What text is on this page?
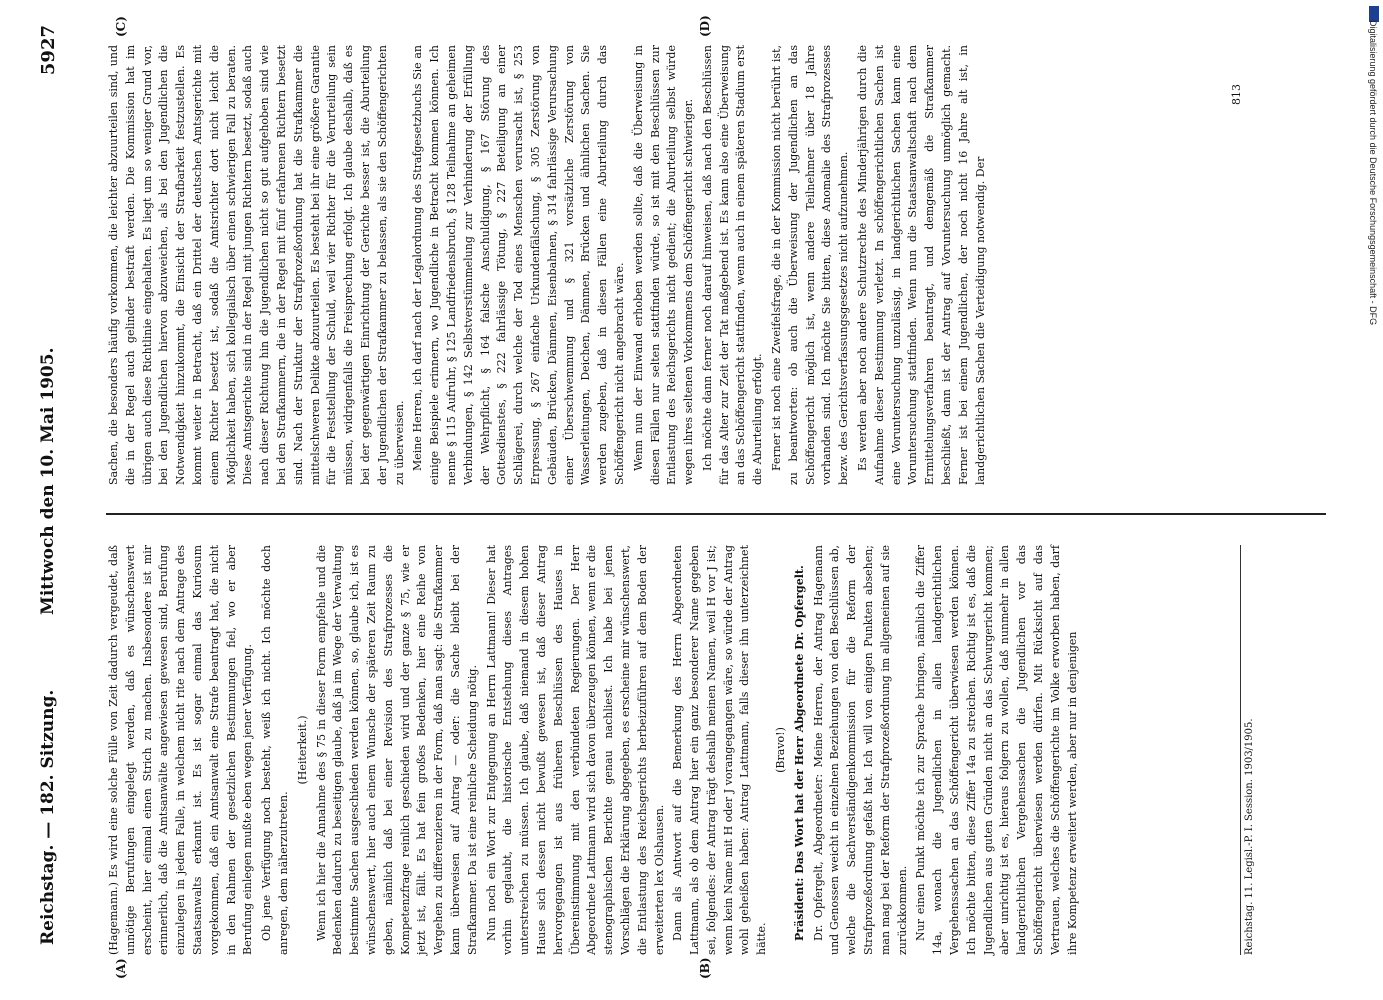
Reichstag. — 182. Sitzung.
Mittwoch den 10. Mai 1905.
5927
(A)	(B)
(C)	(D)

(Hagemann.) Es wird eine solche Fülle von Zeit dadurch vergeudet, daß unnötige Berufungen eingelegt werden, daß es wünschenswert erscheint, hier einmal einen Strich zu machen. Insbesondere ist mir erinnerlich, daß die Amtsanwälte angewiesen gewesen sind, Berufung einzulegen in jedem Falle, in welchem nicht rite nach dem Antrage des Staatsanwalts erkannt ist. Es ist sogar einmal das Kuriosum vorgekommen, daß ein Amtsanwalt eine Strafe beantragt hat, die nicht in den Rahmen der gesetzlichen Bestimmungen fiel, wo er aber Berufung einlegen mußte eben wegen jener Verfügung. Ob jene Verfügung noch besteht, weiß ich nicht. Ich möchte doch anregen, dem näherzutreten.

(Heiterkeit.) Wenn ich hier die Annahme des § 75 in dieser Form empfehle und die Bedenken dadurch zu beseitigen glaube, daß ja im Wege der Verwaltung bestimmte Sachen ausgeschieden werden können, so, glaube ich, ist es wünschenswert, hier auch einem Wunsche der späteren Zeit Raum zu geben, nämlich daß bei einer Revision des Strafprozesses die Kompetenzfrage reinlich geschieden wird und der ganze § 75, wie er jetzt ist, fällt. Es hat fein großes Bedenken, hier eine Reihe von Vergehen zu differenzieren in der Form, daß man sagt: die Strafkammer kann überweisen auf Antrag — oder: die Sache bleibt bei der Strafkammer. Da ist eine reinliche Scheidung nötig. Nun noch ein Wort zur Entgegnung an Herrn Lattmann! Dieser hat vorhin geglaubt, die historische Entstehung dieses Antrages unterstreichen zu müssen. Ich glaube, daß niemand in diesem hohen Hause sich dessen nicht bewußt gewesen ist, daß dieser Antrag hervorgegangen ist aus früheren Beschlüssen des Hauses in Übereinstimmung mit den verbündeten Regierungen. Der Herr Abgeordnete Lattmann wird sich davon überzeugen können, wenn er die stenographischen Berichte genau nachliest. Ich habe bei jenen Vorschlägen die Erklärung abgegeben, es erscheine mir wünschenswert, die Entlastung des Reichsgerichts herbeizuführen auf dem Boden der erweiterten lex Olshausen. Dann als Antwort auf die Bemerkung des Herrn Abgeordneten Lattmann, als ob dem Antrag hier ein ganz besonderer Name gegeben sei, folgendes: der Antrag trägt deshalb meinen Namen, weil H vor J ist; wenn kein Name mit H oder J vorangegangen wäre, so würde der Antrag wohl geheißen haben: Antrag Lattmann, falls dieser ihn unterzeichnet hätte.

(Bravo!) Präsident: Das Wort hat der Herr Abgeordnete Dr. Opfergelt. Dr. Opfergelt, Abgeordneter: Meine Herren, der Antrag Hagemann und Genossen weicht in einzelnen Beziehungen von den Beschlüssen ab, welche die Sachverständigenkommission für die Reform der Strafprozeßordnung gefaßt hat. Ich will von einigen Punkten absehen; man mag bei der Reform der Strafprozeßordnung im allgemeinen auf sie zurückkommen. Nur einen Punkt möchte ich zur Sprache bringen, nämlich die Ziffer 14a, wonach die Jugendlichen in allen landgerichtlichen Vergehenssachen an das Schöffengericht überwiesen werden können. Ich möchte bitten, diese Ziffer 14a zu streichen. Richtig ist es, daß die Jugendlichen aus guten Gründen nicht an das Schwurgericht kommen; aber unrichtig ist es, hieraus folgern zu wollen, daß nunmehr in allen landgerichtlichen Vergehenssachen die Jugendlichen vor das Schöffengericht überwiesen werden dürfen. Mit Rücksicht auf das Vertrauen, welches die Schöffengerichte im Volke erworben haben, darf ihre Kompetenz erweitert werden, aber nur in denjenigen

Sachen, die besonders häufig vorkommen, die leichter abzuurteilen sind, und die in der Regel auch gelinder bestraft werden. Die Kommission hat im übrigen auch diese Richtlinie eingehalten. Es liegt um so weniger Grund vor, bei den Jugendlichen hiervon abzuweichen, als bei den Jugendlichen die Notwendigkeit hinzukommt, die Einsicht der Strafbarkeit festzustellen. Es kommt weiter in Betracht, daß ein Drittel der deutschen Amtsgerichte mit einem Richter besetzt ist, sodaß die Amtsrichter dort nicht leicht die Möglichkeit haben, sich kollegialisch über einen schwierigen Fall zu beraten. Diese Amtsgerichte sind in der Regel mit jungen Richtern besetzt, sodaß auch nach dieser Richtung hin die Jugendlichen nicht so gut aufgehoben sind wie bei den Strafkammern, die in der Regel mit fünf erfahrenen Richtern besetzt sind. Nach der Struktur der Strafprozeßordnung hat die Strafkammer die mittelschweren Delikte abzuurteilen. Es besteht bei ihr eine größere Garantie für die Feststellung der Schuld, weil vier Richter für die Verurteilung sein müssen, widrigenfalls die Freisprechung erfolgt. Ich glaube deshalb, daß es bei der gegenwärtigen Einrichtung der Gerichte besser ist, die Aburteilung der Jugendlichen der Strafkammer zu belassen, als sie den Schöffengerichten zu überweisen. Meine Herren, ich darf nach der Legalordnung des Strafgesetzbuchs Sie an einige Beispiele erinnern, wo Jugendliche in Betracht kommen können. Ich nenne § 115 Aufruhr, § 125 Landfriedensbruch, § 128 Teilnahme an geheimen Verbindungen, § 142 Selbstverstümmelung zur Verhinderung der Erfüllung der Wehrpflicht, § 164 falsche Anschuldigung, § 167 Störung des Gottesdienstes, § 222 fahrlässige Tötung, § 227 Beteiligung an einer Schlägerei, durch welche der Tod eines Menschen verursacht ist, § 253 Erpressung, § 267 einfache Urkundenfälschung, § 305 Zerstörung von Gebäuden, Brücken, Dämmen, Eisenbahnen, § 314 fahrlässige Verursachung einer Überschwemmung und § 321 vorsätzliche Zerstörung von Wasserleitungen, Deichen, Dämmen, Brücken und ähnlichen Sachen. Sie werden zugeben, daß in diesen Fällen eine Aburteilung durch das Schöffengericht nicht angebracht wäre. Wenn nun der Einwand erhoben werden sollte, daß die Überweisung in diesen Fällen nur selten stattfinden würde, so ist mit den Beschlüssen zur Entlastung des Reichsgerichts nicht gedient; die Aburteilung selbst würde wegen ihres seltenen Vorkommens dem Schöffengericht schwieriger. Ich möchte dann ferner noch darauf hinweisen, daß nach den Beschlüssen für das Alter zur Zeit der Tat maßgebend ist. Es kann also eine Überweisung an das Schöffengericht stattfinden, wenn auch in einem späteren Stadium erst die Aburteilung erfolgt. Ferner ist noch eine Zweifelsfrage, die in der Kommission nicht berührt ist, zu beantworten: ob auch die Überweisung der Jugendlichen an das Schöffengericht möglich ist, wenn andere Teilnehmer über 18 Jahre vorhanden sind. Ich möchte Sie bitten, diese Anomalie des Strafprozesses bezw. des Gerichtsverfassungsgesetzes nicht aufzunehmen. Es werden aber noch andere Schutzrechte des Minderjährigen durch die Aufnahme dieser Bestimmung verletzt. In schöffengerichtlichen Sachen ist eine Voruntersuchung unzulässig, in landgerichtlichen Sachen kann eine Voruntersuchung stattfinden. Wenn nun die Staatsanwaltschaft nach dem Ermittelungsverfahren beantragt, und demgemäß die Strafkammer beschließt, dann ist der Antrag auf Voruntersuchung unmöglich gemacht. Ferner ist bei einem Jugendlichen, der noch nicht 16 Jahre alt ist, in landgerichtlichen Sachen die Verteidigung notwendig. Der

Reichstag. 11. Legisl.-P. I. Session. 1903/1905.
813	Digitalisierung gefördert durch die Deutsche Forschungsgemeinschaft - DFG
